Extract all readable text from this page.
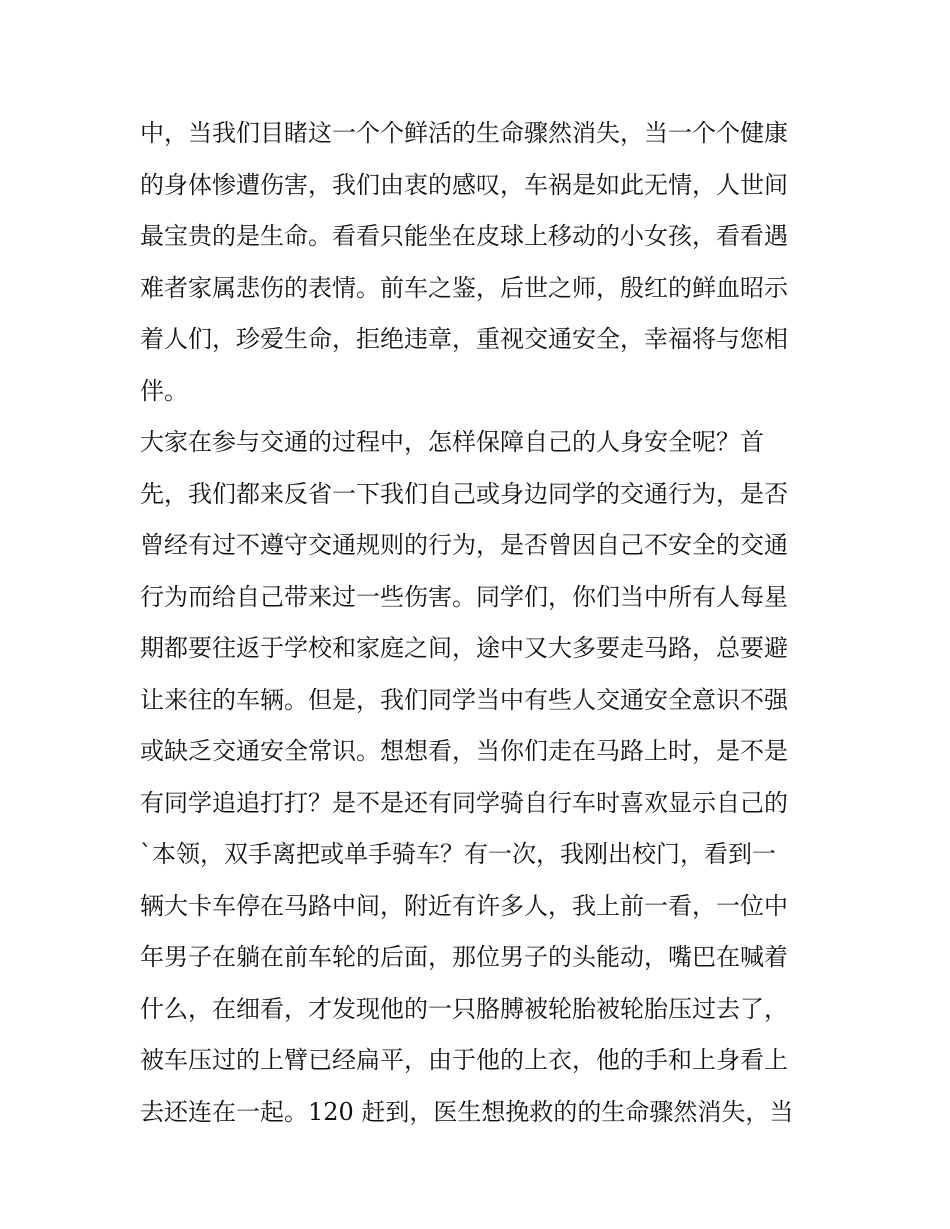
中，当我们目睹这一个个鲜活的生命骤然消失，当一个个健康
的身体惨遭伤害，我们由衷的感叹，车祸是如此无情，人世间
最宝贵的是生命。看看只能坐在皮球上移动的小女孩，看看遇
难者家属悲伤的表情。前车之鉴，后世之师，殷红的鲜血昭示
着人们，珍爱生命，拒绝违章，重视交通安全，幸福将与您相
伴。
大家在参与交通的过程中，怎样保障自己的人身安全呢？首
先，我们都来反省一下我们自己或身边同学的交通行为，是否
曾经有过不遵守交通规则的行为，是否曾因自己不安全的交通
行为而给自己带来过一些伤害。同学们，你们当中所有人每星
期都要往返于学校和家庭之间，途中又大多要走马路，总要避
让来往的车辆。但是，我们同学当中有些人交通安全意识不强
或缺乏交通安全常识。想想看，当你们走在马路上时，是不是
有同学追追打打？是不是还有同学骑自行车时喜欢显示自己的
`本领，双手离把或单手骑车？有一次，我刚出校门，看到一
辆大卡车停在马路中间，附近有许多人，我上前一看，一位中
年男子在躺在前车轮的后面，那位男子的头能动，嘴巴在喊着
什么，在细看，才发现他的一只胳膊被轮胎被轮胎压过去了，
被车压过的上臂已经扁平，由于他的上衣，他的手和上身看上
去还连在一起。120 赶到，医生想挽救的的生命骤然消失，当
